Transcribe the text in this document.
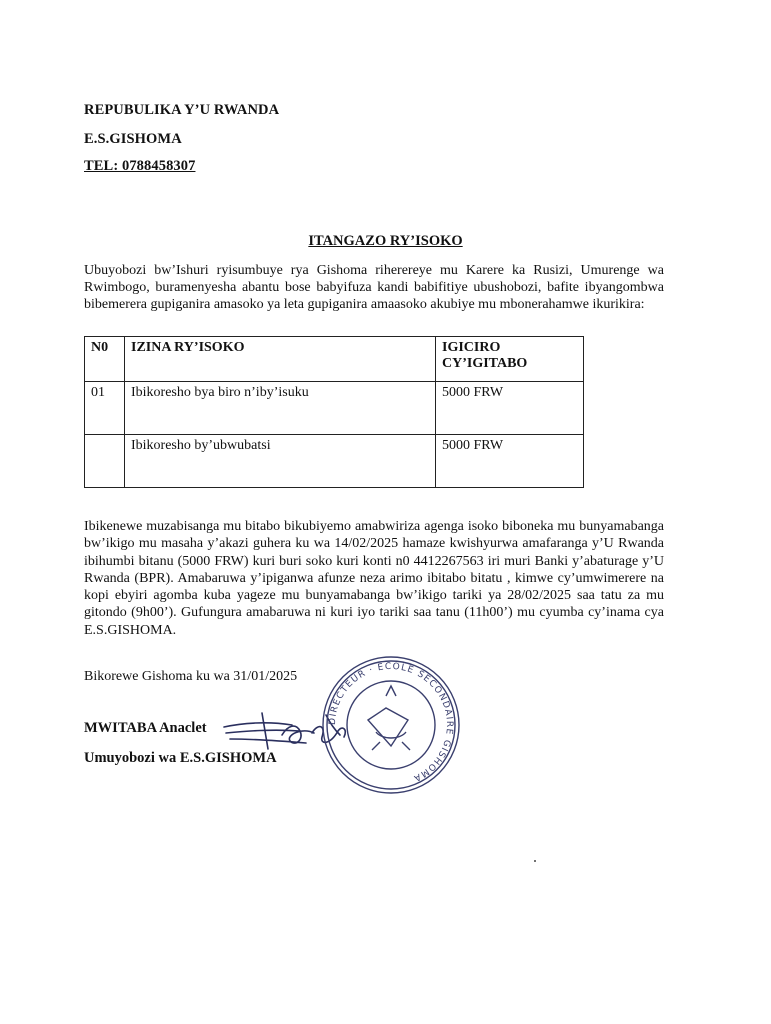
REPUBULIKA Y’U RWANDA
E.S.GISHOMA
TEL: 0788458307
ITANGAZO RY’ISOKO
Ubuyobozi bw’Ishuri ryisumbuye rya Gishoma riherereye mu Karere ka Rusizi, Umurenge wa Rwimbogo, buramenyesha abantu bose babyifuza kandi babifitiye ubushobozi, bafite ibyangombwa bibemerera gupiganira amasoko ya leta gupiganira amaasoko akubiye mu mbonerahamwe ikurikira:
N0	IZINA RY’ISOKO	IGICIRO CY’IGITABO
01	Ibikoresho bya biro n’iby’isuku	5000 FRW
	Ibikoresho by’ubwubatsi	5000 FRW
Ibikenewe muzabisanga mu bitabo bikubiyemo amabwiriza agenga isoko biboneka mu bunyamabanga bw’ikigo mu masaha y’akazi guhera ku wa 14/02/2025 hamaze kwishyurwa amafaranga y’U Rwanda ibihumbi bitanu (5000 FRW) kuri buri soko kuri konti n0 4412267563 iri muri Banki y’abaturage y’U Rwanda (BPR). Amabaruwa y’ipiganwa afunze neza arimo ibitabo bitatu , kimwe cy’umwimerere na kopi ebyiri agomba kuba yageze mu bunyamabanga bw’ikigo tariki ya 28/02/2025 saa tatu za mu gitondo (9h00’). Gufungura amabaruwa ni kuri iyo tariki saa tanu (11h00’) mu cyumba cy’inama cya E.S.GISHOMA.
Bikorewe Gishoma ku wa 31/01/2025
MWITABA Anaclet
Umuyobozi wa E.S.GISHOMA
DIRECTEUR · ECOLE SECONDAIRE GISHOMA
